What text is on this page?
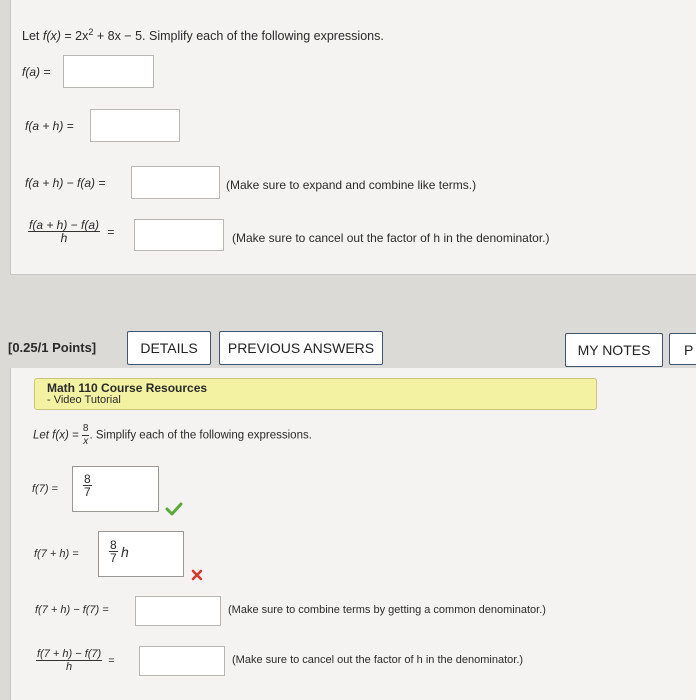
Let $f(x) = 2x^2 + 8x - 5$. Simplify each of the following expressions.
f(a) =
f(a + h) =
f(a + h) − f(a) =	(Make sure to expand and combine like terms.)
$\frac{f(a + h) - f(a)}{h}$ =	(Make sure to cancel out the factor of h in the denominator.)
[0.25/1 Points]	DETAILS	PREVIOUS ANSWERS	MY NOTES	P
Math 110 Course Resources
- Video Tutorial
Let $f(x) = \frac{8}{x}$ . Simplify each of the following expressions.
$f(7) = \frac{8}{7}$
f(7 + h) =	$\frac{8}{7}$ h
f(7 + h) − f(7) =	(Make sure to combine terms by getting a common denominator.)
$\frac{f(7 + h) - f(7)}{h}$ =	(Make sure to cancel out the factor of h in the denominator.)
